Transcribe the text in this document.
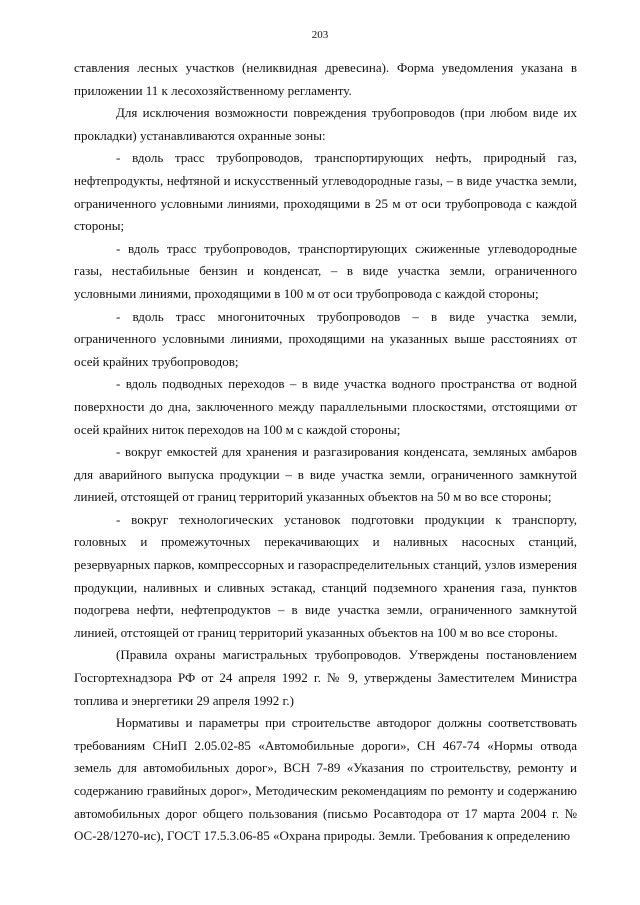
203

ставления лесных участков (неликвидная древесина). Форма уведомления указана в приложении 11 к лесохозяйственному регламенту.

Для исключения возможности повреждения трубопроводов (при любом виде их прокладки) устанавливаются охранные зоны:

- вдоль трасс трубопроводов, транспортирующих нефть, природный газ, нефтепродукты, нефтяной и искусственный углеводородные газы, – в виде участка земли, ограниченного условными линиями, проходящими в 25 м от оси трубопровода с каждой стороны;

- вдоль трасс трубопроводов, транспортирующих сжиженные углеводородные газы, нестабильные бензин и конденсат, – в виде участка земли, ограниченного условными линиями, проходящими в 100 м от оси трубопровода с каждой стороны;

- вдоль трасс многониточных трубопроводов – в виде участка земли, ограниченного условными линиями, проходящими на указанных выше расстояниях от осей крайних трубопроводов;

- вдоль подводных переходов – в виде участка водного пространства от водной поверхности до дна, заключенного между параллельными плоскостями, отстоящими от осей крайних ниток переходов на 100 м с каждой стороны;

- вокруг емкостей для хранения и разгазирования конденсата, земляных амбаров для аварийного выпуска продукции – в виде участка земли, ограниченного замкнутой линией, отстоящей от границ территорий указанных объектов на 50 м во все стороны;

- вокруг технологических установок подготовки продукции к транспорту, головных и промежуточных перекачивающих и наливных насосных станций, резервуарных парков, компрессорных и газораспределительных станций, узлов измерения продукции, наливных и сливных эстакад, станций подземного хранения газа, пунктов подогрева нефти, нефтепродуктов – в виде участка земли, ограниченного замкнутой линией, отстоящей от границ территорий указанных объектов на 100 м во все стороны.

(Правила охраны магистральных трубопроводов. Утверждены постановлением Госгортехнадзора РФ от 24 апреля 1992 г. № 9, утверждены Заместителем Министра топлива и энергетики 29 апреля 1992 г.)

Нормативы и параметры при строительстве автодорог должны соответствовать требованиям СНиП 2.05.02-85 «Автомобильные дороги», СН 467-74 «Нормы отвода земель для автомобильных дорог», ВСН 7-89 «Указания по строительству, ремонту и содержанию гравийных дорог», Методическим рекомендациям по ремонту и содержанию автомобильных дорог общего пользования (письмо Росавтодора от 17 марта 2004 г. № ОС-28/1270-ис), ГОСТ 17.5.3.06-85 «Охрана природы. Земли. Требования к определению
